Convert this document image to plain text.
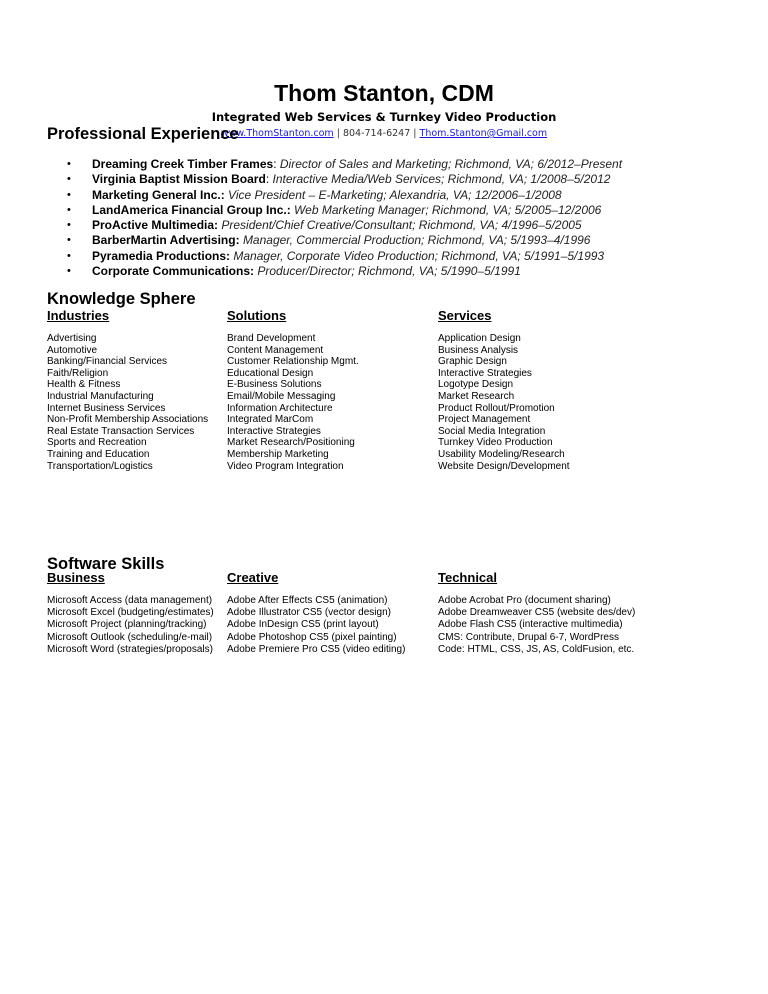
Thom Stanton, CDM
Integrated Web Services & Turnkey Video Production
www.ThomStanton.com | 804-714-6247 | Thom.Stanton@Gmail.com
Professional Experience
• Dreaming Creek Timber Frames: Director of Sales and Marketing; Richmond, VA; 6/2012–Present
• Virginia Baptist Mission Board: Interactive Media/Web Services; Richmond, VA; 1/2008–5/2012
• Marketing General Inc.: Vice President – E-Marketing; Alexandria, VA; 12/2006–1/2008
• LandAmerica Financial Group Inc.: Web Marketing Manager; Richmond, VA; 5/2005–12/2006
• ProActive Multimedia: President/Chief Creative/Consultant; Richmond, VA; 4/1996–5/2005
• BarberMartin Advertising: Manager, Commercial Production; Richmond, VA; 5/1993–4/1996
• Pyramedia Productions: Manager, Corporate Video Production; Richmond, VA; 5/1991–5/1993
• Corporate Communications: Producer/Director; Richmond, VA; 5/1990–5/1991
Knowledge Sphere
Industries
Advertising
Automotive
Banking/Financial Services
Faith/Religion
Health & Fitness
Industrial Manufacturing
Internet Business Services
Non-Profit Membership Associations
Real Estate Transaction Services
Sports and Recreation
Training and Education
Transportation/Logistics
Solutions
Brand Development
Content Management
Customer Relationship Mgmt.
Educational Design
E-Business Solutions
Email/Mobile Messaging
Information Architecture
Integrated MarCom
Interactive Strategies
Market Research/Positioning
Membership Marketing
Video Program Integration
Services
Application Design
Business Analysis
Graphic Design
Interactive Strategies
Logotype Design
Market Research
Product Rollout/Promotion
Project Management
Social Media Integration
Turnkey Video Production
Usability Modeling/Research
Website Design/Development
Software Skills
Business
Microsoft Access (data management)
Microsoft Excel (budgeting/estimates)
Microsoft Project (planning/tracking)
Microsoft Outlook (scheduling/e-mail)
Microsoft Word (strategies/proposals)
Creative
Adobe After Effects CS5 (animation)
Adobe Illustrator CS5 (vector design)
Adobe InDesign CS5 (print layout)
Adobe Photoshop CS5 (pixel painting)
Adobe Premiere Pro CS5 (video editing)
Technical
Adobe Acrobat Pro (document sharing)
Adobe Dreamweaver CS5 (website des/dev)
Adobe Flash CS5 (interactive multimedia)
CMS: Contribute, Drupal 6-7, WordPress
Code: HTML, CSS, JS, AS, ColdFusion, etc.
